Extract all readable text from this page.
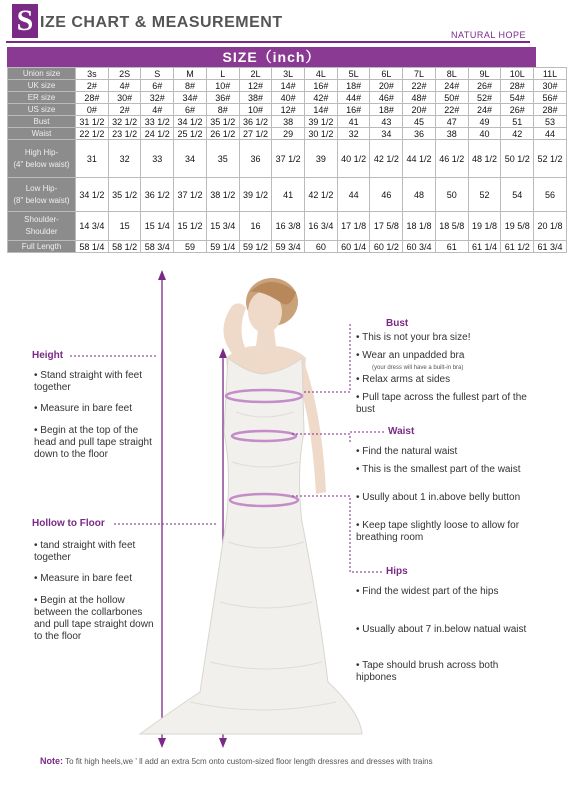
S IZE CHART & MEASUREMENT
NATURAL HOPE
SIZE（inch）
Union size	3s	2S	S	M	L	2L	3L	4L	5L	6L	7L	8L	9L	10L	11L

UK size	2#	4#	6#	8#	10#	12#	14#	16#	18#	20#	22#	24#	26#	28#	30#

ER size	28#	30#	32#	34#	36#	38#	40#	42#	44#	46#	48#	50#	52#	54#	56#

US size	0#	2#	4#	6#	8#	10#	12#	14#	16#	18#	20#	22#	24#	26#	28#

Bust	31 1/2	32 1/2	33 1/2	34 1/2	35 1/2	36 1/2	38	39 1/2	41	43	45	47	49	51	53

Waist	22 1/2	23 1/2	24 1/2	25 1/2	26 1/2	27 1/2	29	30 1/2	32	34	36	38	40	42	44

High Hip-
(4" below waist)	31	32	33	34	35	36	37 1/2	39	40 1/2	42 1/2	44 1/2	46 1/2	48 1/2	50 1/2	52 1/2

Low Hip-
(8" below waist)	34 1/2	35 1/2	36 1/2	37 1/2	38 1/2	39 1/2	41	42 1/2	44	46	48	50	52	54	56

Shoulder-
Shoulder	14 3/4	15	15 1/4	15 1/2	15 3/4	16	16 3/8	16 3/4	17 1/8	17 5/8	18 1/8	18 5/8	19 1/8	19 5/8	20 1/8

Full Length	58 1/4	58 1/2	58 3/4	59	59 1/4	59 1/2	59 3/4	60	60 1/4	60 1/2	60 3/4	61	61 1/4	61 1/2	61 3/4
Height
• Stand straight with feet together
• Measure in bare feet
• Begin at the top of the head and pull tape straight down to the floor
Hollow to Floor
• tand straight with feet together
• Measure in bare feet
• Begin at the hollow between the collarbones and pull tape straight down to the floor
Bust
• This is not your bra size!
• Wear an unpadded bra
(your dress will have a built-in bra)
• Relax arms at sides
• Pull tape across the fullest part of the bust
Waist
• Find the natural waist
• This is the smallest part of the waist
• Usully about 1 in.above belly button
• Keep tape slightly loose to allow for breathing room
Hips
• Find the widest part of the hips
• Usually about 7 in.below natual waist
• Tape should brush across both hipbones
Note: To fit high heels,we ' ll add an extra 5cm onto custom-sized floor length dressres and dresses with trains
